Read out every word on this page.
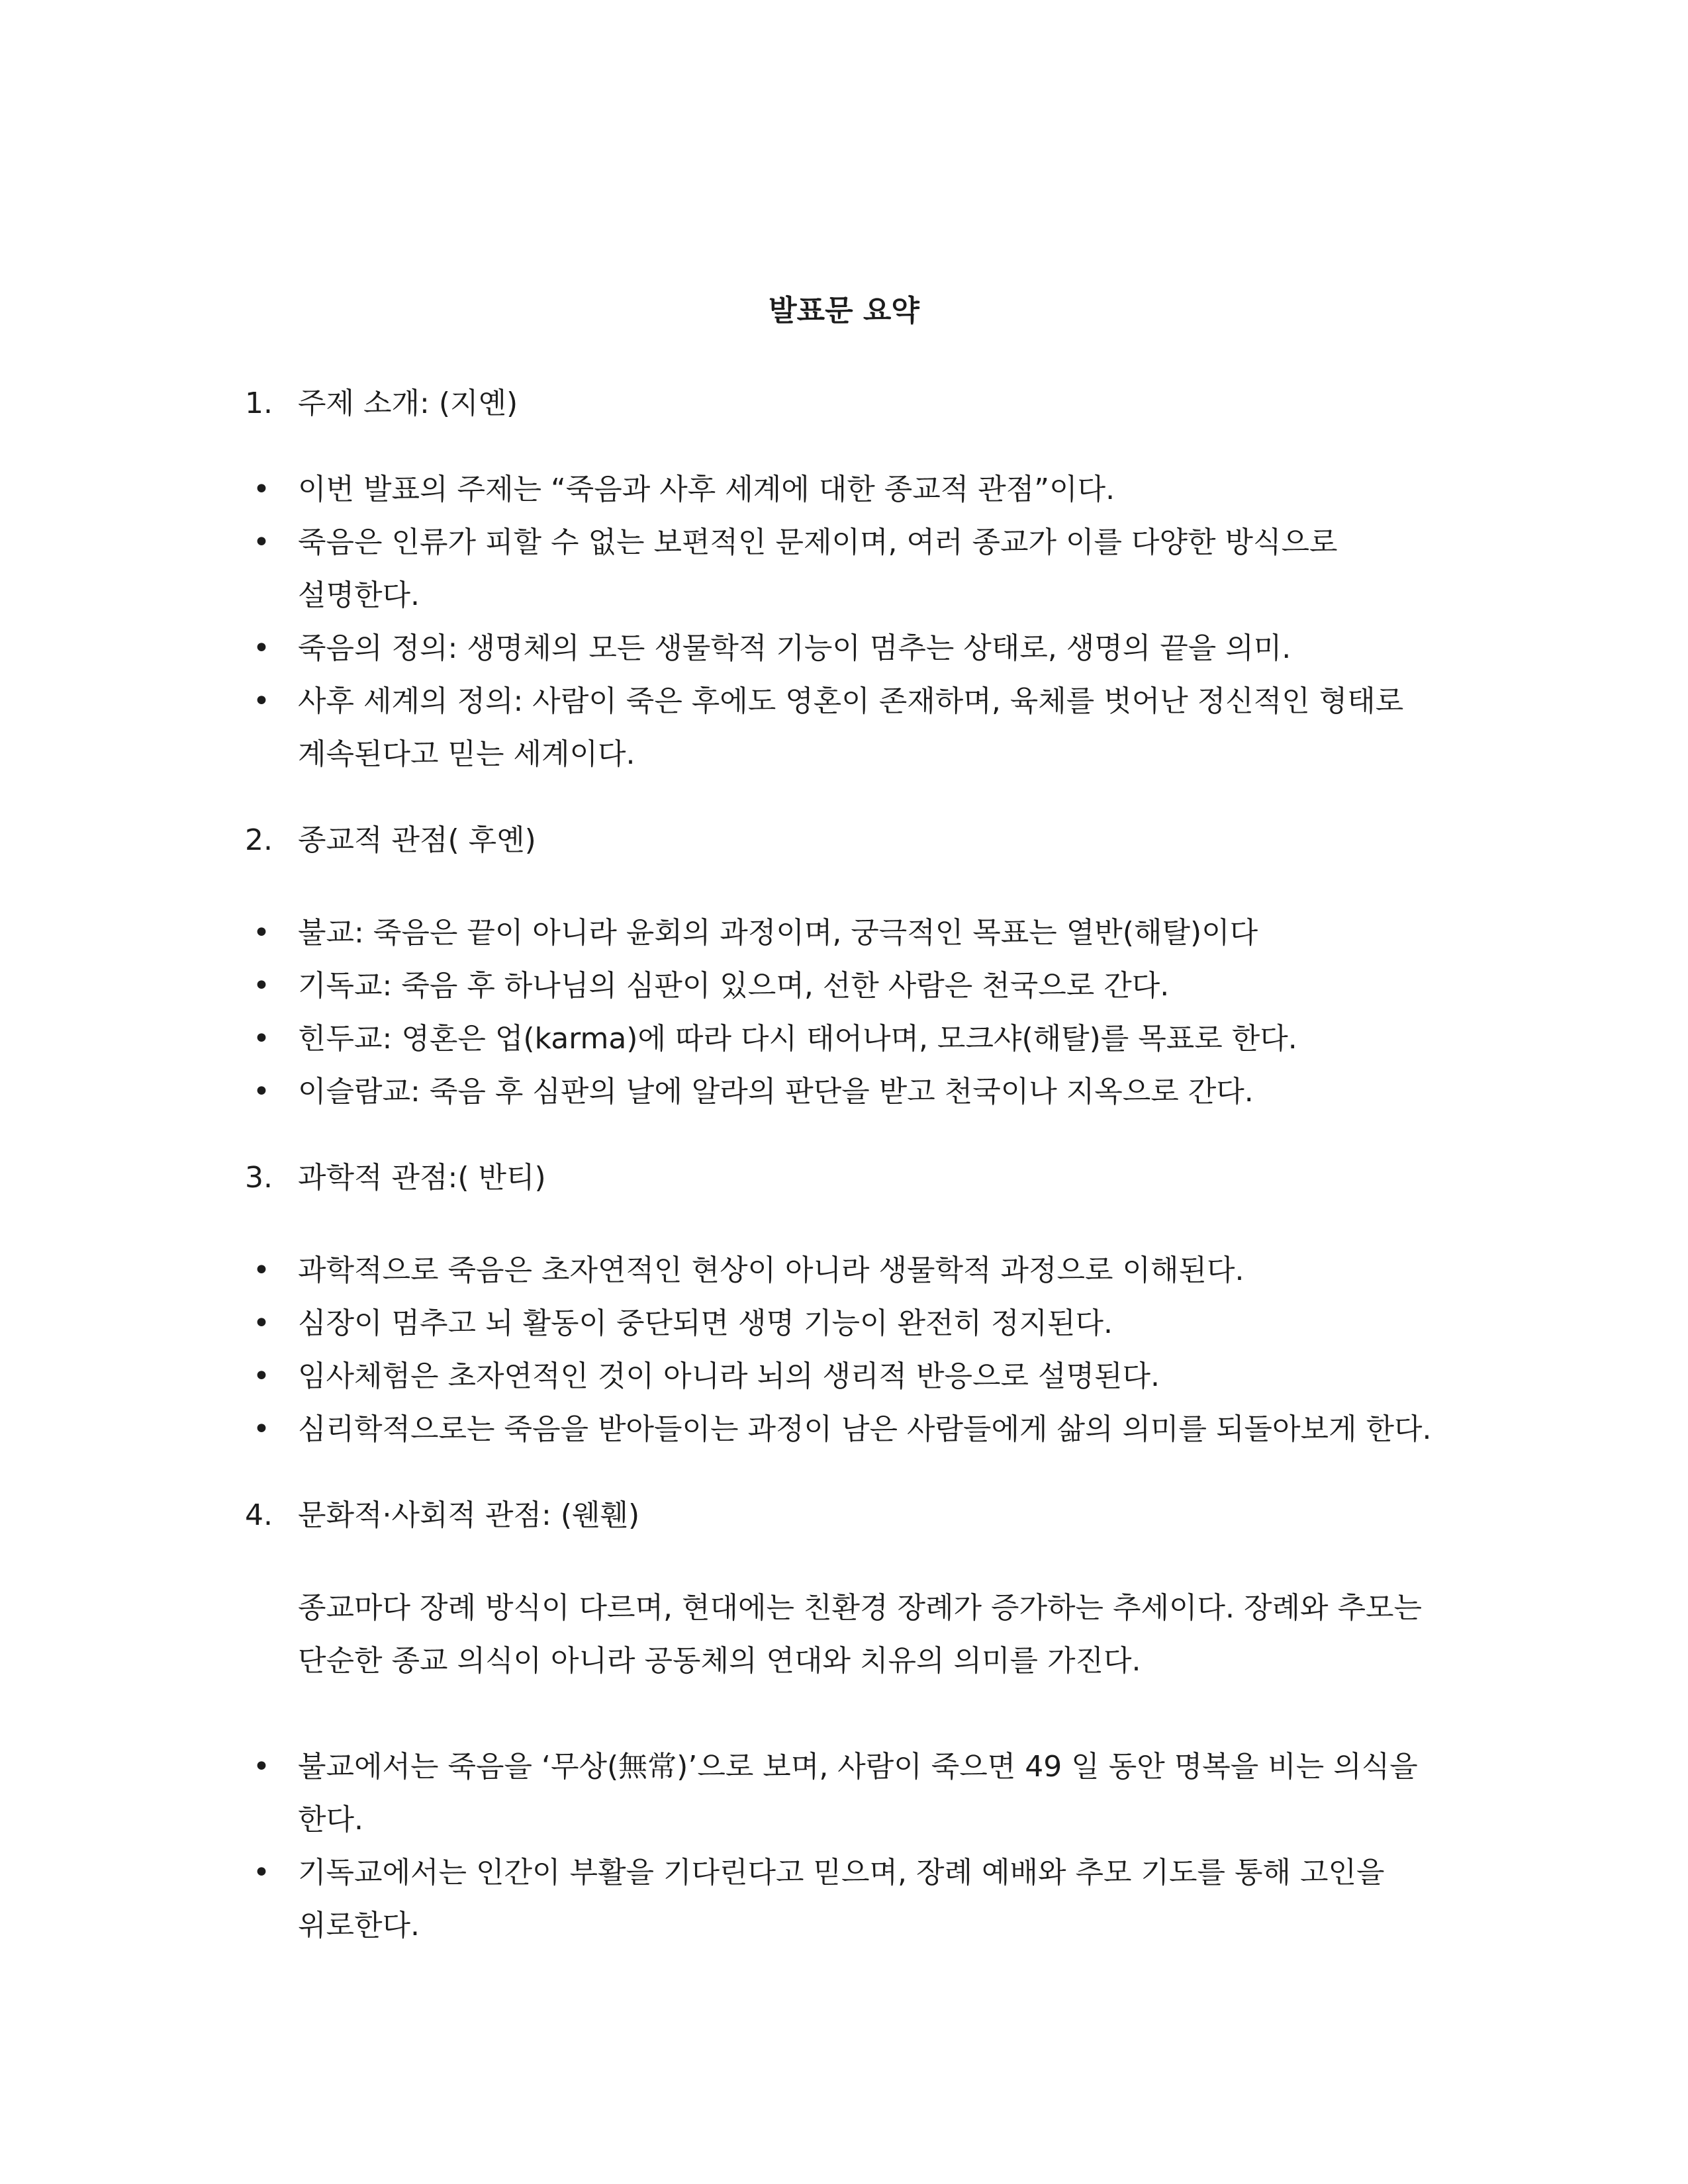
발표문 요약
1. 주제 소개: (지옌)
• 이번 발표의 주제는 “죽음과 사후 세계에 대한 종교적 관점”이다.
• 죽음은 인류가 피할 수 없는 보편적인 문제이며, 여러 종교가 이를 다양한 방식으로
설명한다.
• 죽음의 정의: 생명체의 모든 생물학적 기능이 멈추는 상태로, 생명의 끝을 의미.
• 사후 세계의 정의: 사람이 죽은 후에도 영혼이 존재하며, 육체를 벗어난 정신적인 형태로
계속된다고 믿는 세계이다.
2. 종교적 관점( 후옌)
• 불교: 죽음은 끝이 아니라 윤회의 과정이며, 궁극적인 목표는 열반(해탈)이다
• 기독교: 죽음 후 하나님의 심판이 있으며, 선한 사람은 천국으로 간다.
• 힌두교: 영혼은 업(karma)에 따라 다시 태어나며, 모크샤(해탈)를 목표로 한다.
• 이슬람교: 죽음 후 심판의 날에 알라의 판단을 받고 천국이나 지옥으로 간다.
3. 과학적 관점:( 반티)
• 과학적으로 죽음은 초자연적인 현상이 아니라 생물학적 과정으로 이해된다.
• 심장이 멈추고 뇌 활동이 중단되면 생명 기능이 완전히 정지된다.
• 임사체험은 초자연적인 것이 아니라 뇌의 생리적 반응으로 설명된다.
• 심리학적으로는 죽음을 받아들이는 과정이 남은 사람들에게 삶의 의미를 되돌아보게 한다.
4. 문화적·사회적 관점: (웬휀)
종교마다 장례 방식이 다르며, 현대에는 친환경 장례가 증가하는 추세이다. 장례와 추모는
단순한 종교 의식이 아니라 공동체의 연대와 치유의 의미를 가진다.
• 불교에서는 죽음을 ‘무상(無常)’으로 보며, 사람이 죽으면 49 일 동안 명복을 비는 의식을
한다.
• 기독교에서는 인간이 부활을 기다린다고 믿으며, 장례 예배와 추모 기도를 통해 고인을
위로한다.
